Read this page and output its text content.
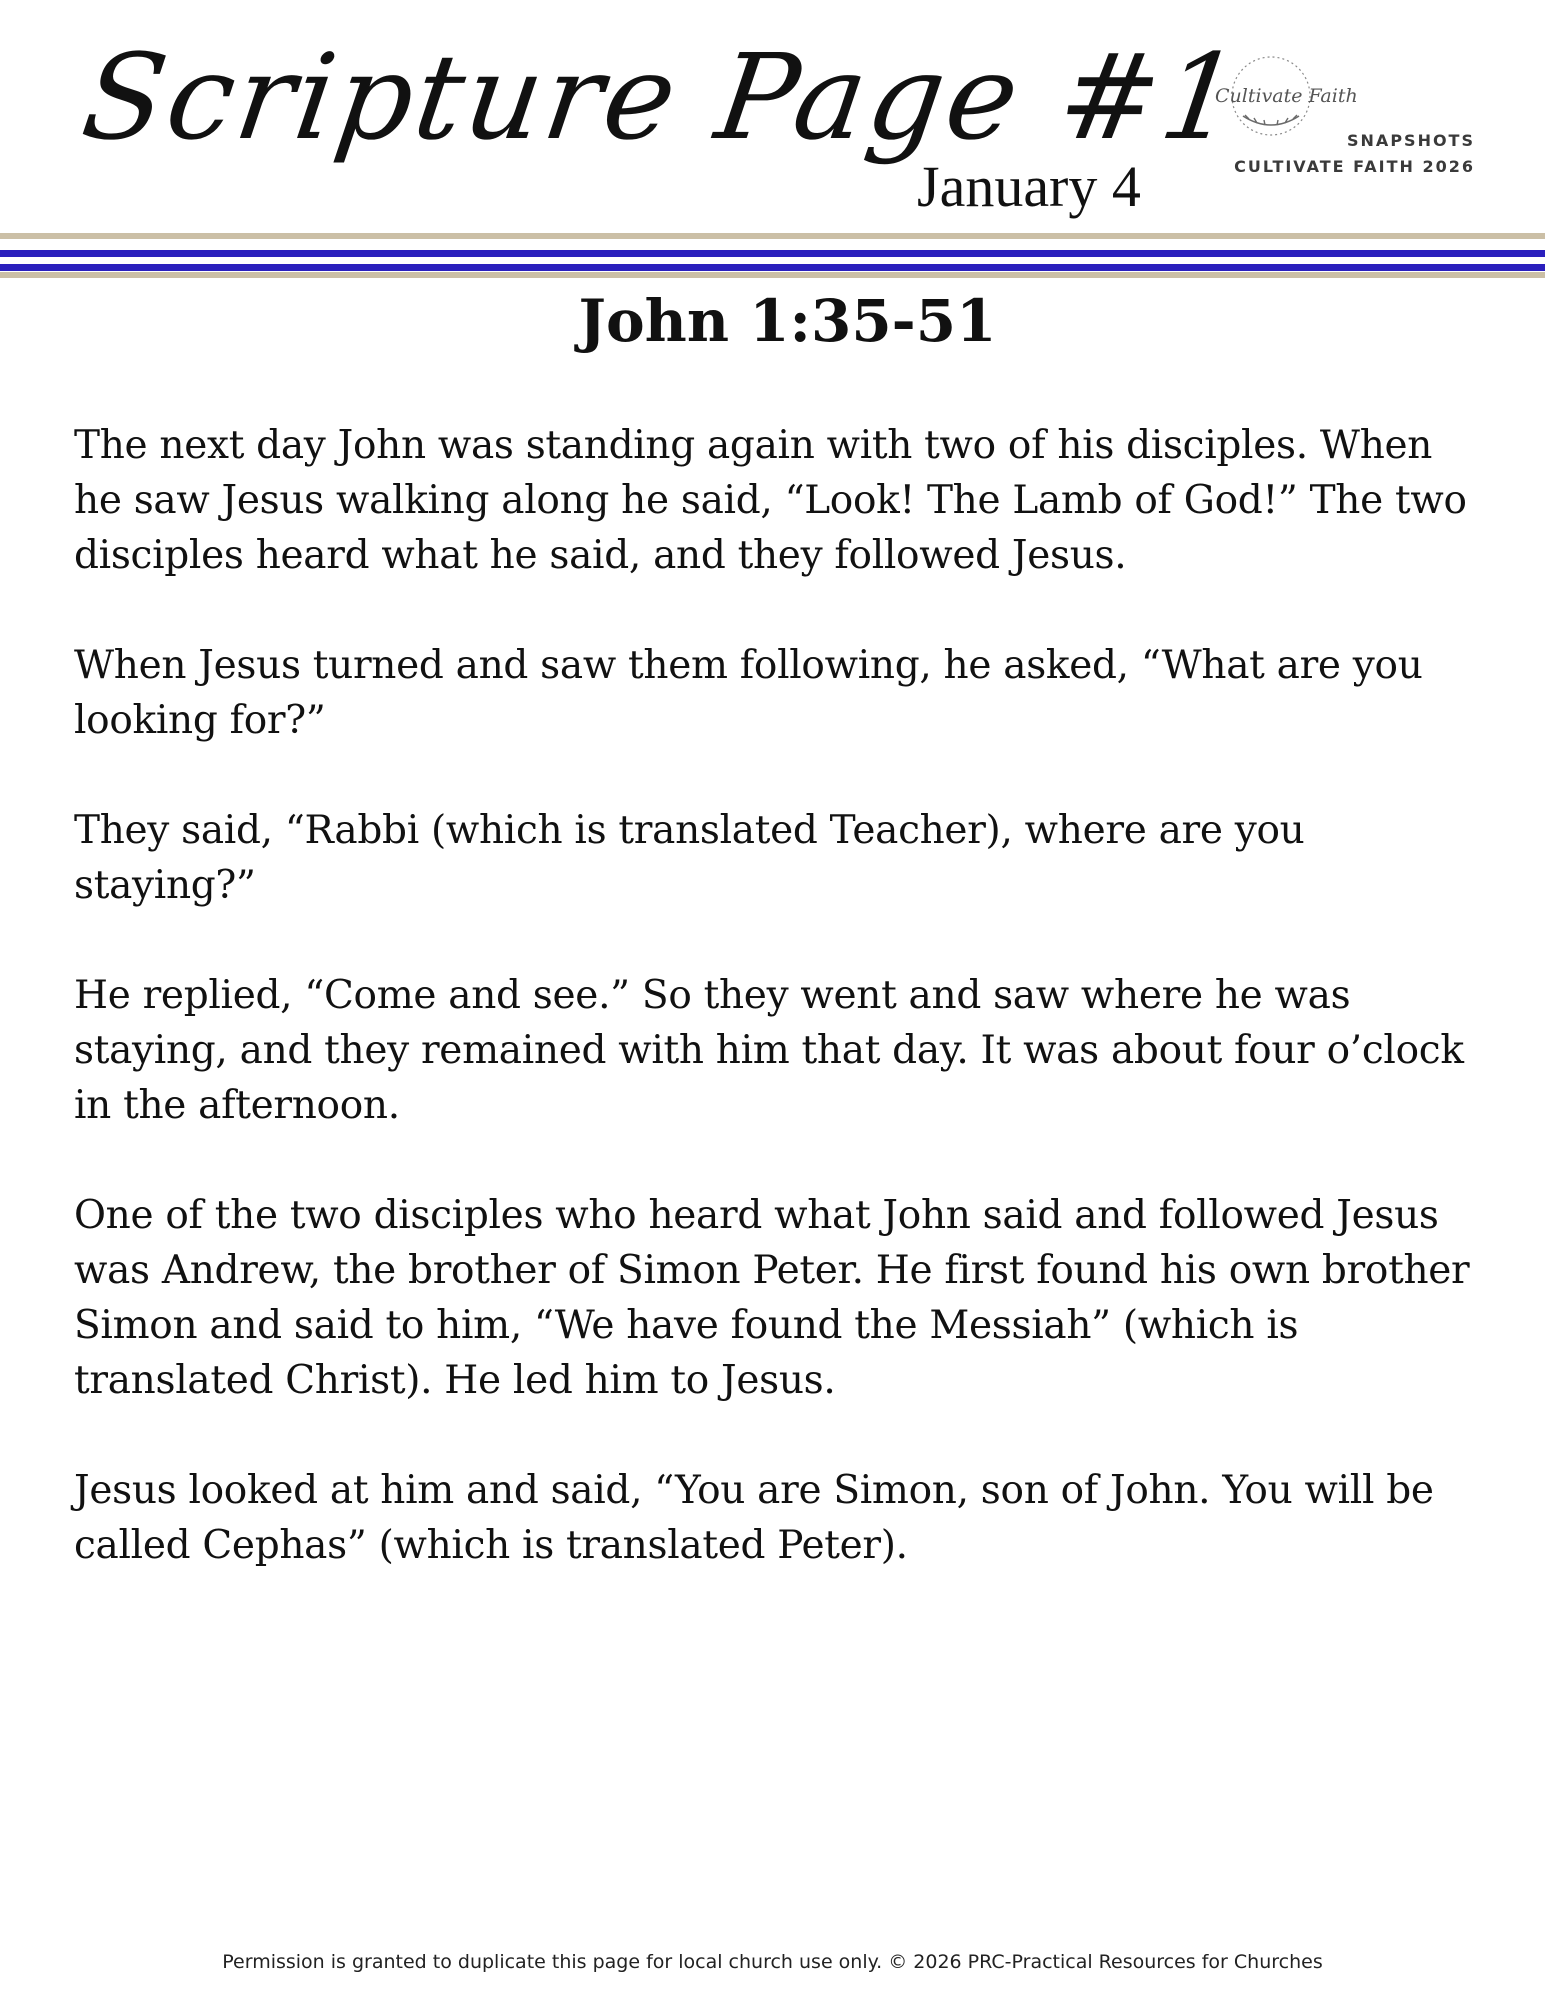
Scripture Page #1
January 4
Cultivate Faith
SNAPSHOTS
CULTIVATE FAITH 2026
John 1:35-51

The next day John was standing again with two of his disciples. When
he saw Jesus walking along he said, “Look! The Lamb of God!” The two
disciples heard what he said, and they followed Jesus.

When Jesus turned and saw them following, he asked, “What are you
looking for?”

They said, “Rabbi (which is translated Teacher), where are you
staying?”

He replied, “Come and see.” So they went and saw where he was
staying, and they remained with him that day. It was about four o’clock
in the afternoon.

One of the two disciples who heard what John said and followed Jesus
was Andrew, the brother of Simon Peter. He first found his own brother
Simon and said to him, “We have found the Messiah” (which is
translated Christ). He led him to Jesus.

Jesus looked at him and said, “You are Simon, son of John. You will be
called Cephas” (which is translated Peter).

Permission is granted to duplicate this page for local church use only. © 2026 PRC-Practical Resources for Churches
